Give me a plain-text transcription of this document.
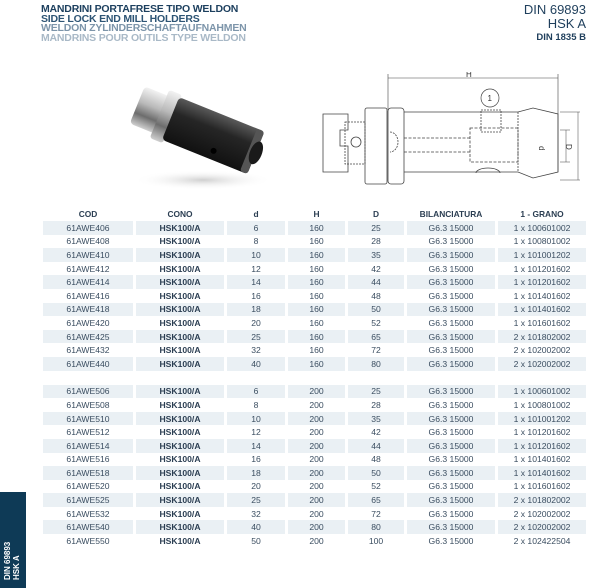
MANDRINI PORTAFRESE TIPO WELDON
SIDE LOCK END MILL HOLDERS
WELDON ZYLINDERSCHAFTAUFNAHMEN
MANDRINS POUR OUTILS TYPE WELDON
DIN 69893
HSK A
DIN 1835 B
H
1
d D
COD	CONO	d	H	D	BILANCIATURA	1 - GRANO
61AWE406	HSK100/A	6	160	25	G6.3 15000	1 x 100601002
61AWE408	HSK100/A	8	160	28	G6.3 15000	1 x 100801002
61AWE410	HSK100/A	10	160	35	G6.3 15000	1 x 101001202
61AWE412	HSK100/A	12	160	42	G6.3 15000	1 x 101201602
61AWE414	HSK100/A	14	160	44	G6.3 15000	1 x 101201602
61AWE416	HSK100/A	16	160	48	G6.3 15000	1 x 101401602
61AWE418	HSK100/A	18	160	50	G6.3 15000	1 x 101401602
61AWE420	HSK100/A	20	160	52	G6.3 15000	1 x 101601602
61AWE425	HSK100/A	25	160	65	G6.3 15000	2 x 101802002
61AWE432	HSK100/A	32	160	72	G6.3 15000	2 x 102002002
61AWE440	HSK100/A	40	160	80	G6.3 15000	2 x 102002002

61AWE506	HSK100/A	6	200	25	G6.3 15000	1 x 100601002
61AWE508	HSK100/A	8	200	28	G6.3 15000	1 x 100801002
61AWE510	HSK100/A	10	200	35	G6.3 15000	1 x 101001202
61AWE512	HSK100/A	12	200	42	G6.3 15000	1 x 101201602
61AWE514	HSK100/A	14	200	44	G6.3 15000	1 x 101201602
61AWE516	HSK100/A	16	200	48	G6.3 15000	1 x 101401602
61AWE518	HSK100/A	18	200	50	G6.3 15000	1 x 101401602
61AWE520	HSK100/A	20	200	52	G6.3 15000	1 x 101601602
61AWE525	HSK100/A	25	200	65	G6.3 15000	2 x 101802002
61AWE532	HSK100/A	32	200	72	G6.3 15000	2 x 102002002
61AWE540	HSK100/A	40	200	80	G6.3 15000	2 x 102002002
61AWE550	HSK100/A	50	200	100	G6.3 15000	2 x 102422504
DIN 69893
HSK A
